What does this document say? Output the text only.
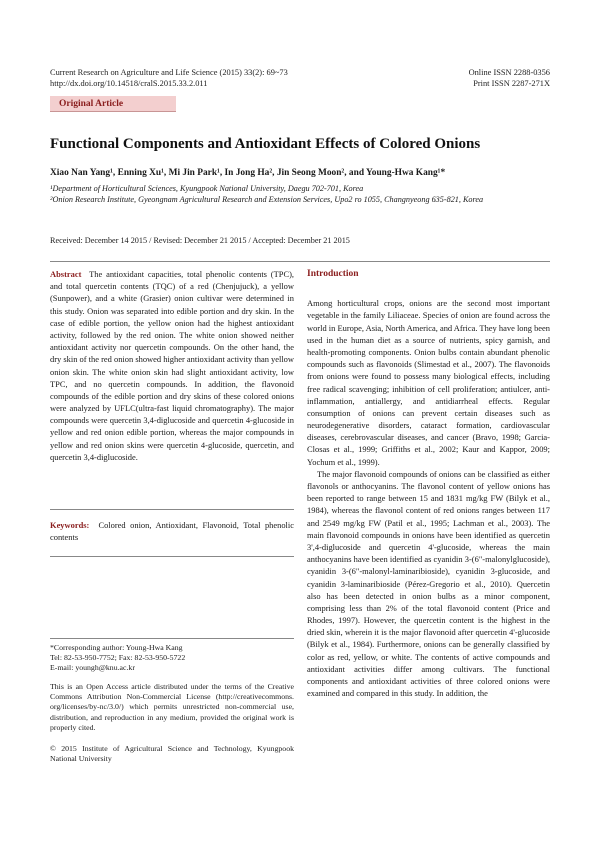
Current Research on Agriculture and Life Science (2015) 33(2): 69~73
http://dx.doi.org/10.14518/cralS.2015.33.2.011
Online ISSN 2288-0356
Print ISSN 2287-271X
Original Article
Functional Components and Antioxidant Effects of Colored Onions
Xiao Nan Yang¹, Enning Xu¹, Mi Jin Park¹, In Jong Ha², Jin Seong Moon², and Young-Hwa Kang¹*
¹Department of Horticultural Sciences, Kyungpook National University, Daegu 702-701, Korea
²Onion Research Institute, Gyeongnam Agricultural Research and Extension Services, Upo2 ro 1055, Changnyeong 635-821, Korea
Received: December 14 2015 / Revised: December 21 2015 / Accepted: December 21 2015
Abstract The antioxidant capacities, total phenolic contents (TPC), and total quercetin contents (TQC) of a red (Chenjujuck), a yellow (Sunpower), and a white (Grasier) onion cultivar were determined in this study. Onion was separated into edible portion and dry skin. In the case of edible portion, the yellow onion had the highest antioxidant activity, followed by the red onion. The white onion showed neither antioxidant activity nor quercetin compounds. On the other hand, the dry skin of the red onion showed higher antioxidant activity than yellow onion skin. The white onion skin had slight antioxidant activity, low TPC, and no quercetin compounds. In addition, the flavonoid compounds of the edible portion and dry skins of these colored onions were analyzed by UFLC(ultra-fast liquid chromatography). The major compounds were quercetin 3,4-diglucoside and quercetin 4-glucoside in yellow and red onion edible portion, whereas the major compounds in yellow and red onion skins were quercetin 4-glucoside, quercetin, and quercetin 3,4-diglucoside.
Keywords: Colored onion, Antioxidant, Flavonoid, Total phenolic contents
*Corresponding author: Young-Hwa Kang
Tel: 82-53-950-7752; Fax: 82-53-950-5722
E-mail: youngh@knu.ac.kr
This is an Open Access article distributed under the terms of the Creative Commons Attribution Non-Commercial License (http://creativecommons. org/licenses/by-nc/3.0/) which permits unrestricted non-commercial use, distribution, and reproduction in any medium, provided the original work is properly cited.
© 2015 Institute of Agricultural Science and Technology, Kyungpook National University
Introduction

Among horticultural crops, onions are the second most important vegetable in the family Liliaceae. Species of onion are found across the world in Europe, Asia, North America, and Africa. They have long been used in the human diet as a source of nutrients, spicy garnish, and health-promoting components. Onion bulbs contain abundant phenolic compounds such as flavonoids (Slimestad et al., 2007). The flavonoids from onions were found to possess many biological effects, including free radical scavenging; inhibition of cell proliferation; antiulcer, anti-inflammation, antiallergy, and antidiarrheal effects. Regular consumption of onions can prevent certain diseases such as neurodegenerative disorders, cataract formation, cardiovascular diseases, cerebrovascular diseases, and cancer (Bravo, 1998; Garcia-Closas et al., 1999; Griffiths et al., 2002; Kaur and Kappor, 2009; Yochum et al., 1999).

The major flavonoid compounds of onions can be classified as either flavonols or anthocyanins. The flavonol content of yellow onions has been reported to range between 15 and 1831 mg/kg FW (Bilyk et al., 1984), whereas the flavonol content of red onions ranges between 117 and 2549 mg/kg FW (Patil et al., 1995; Lachman et al., 2003). The main flavonoid compounds in onions have been identified as quercetin 3',4-diglucoside and quercetin 4'-glucoside, whereas the main anthocyanins have been identified as cyanidin 3-(6"-malonylglucoside), cyanidin 3-(6"-malonyl-laminaribioside), cyanidin 3-glucoside, and cyanidin 3-laminaribioside (Pérez-Gregorio et al., 2010). Quercetin also has been detected in onion bulbs as a minor component, comprising less than 2% of the total flavonoid content (Price and Rhodes, 1997). However, the quercetin content is the highest in the dried skin, wherein it is the major flavonoid after quercetin 4'-glucoside (Bilyk et al., 1984). Furthermore, onions can be generally classified by color as red, yellow, or white. The contents of active compounds and antioxidant activities differ among cultivars. The functional components and antioxidant activities of three colored onions were examined and compared in this study. In addition, the
